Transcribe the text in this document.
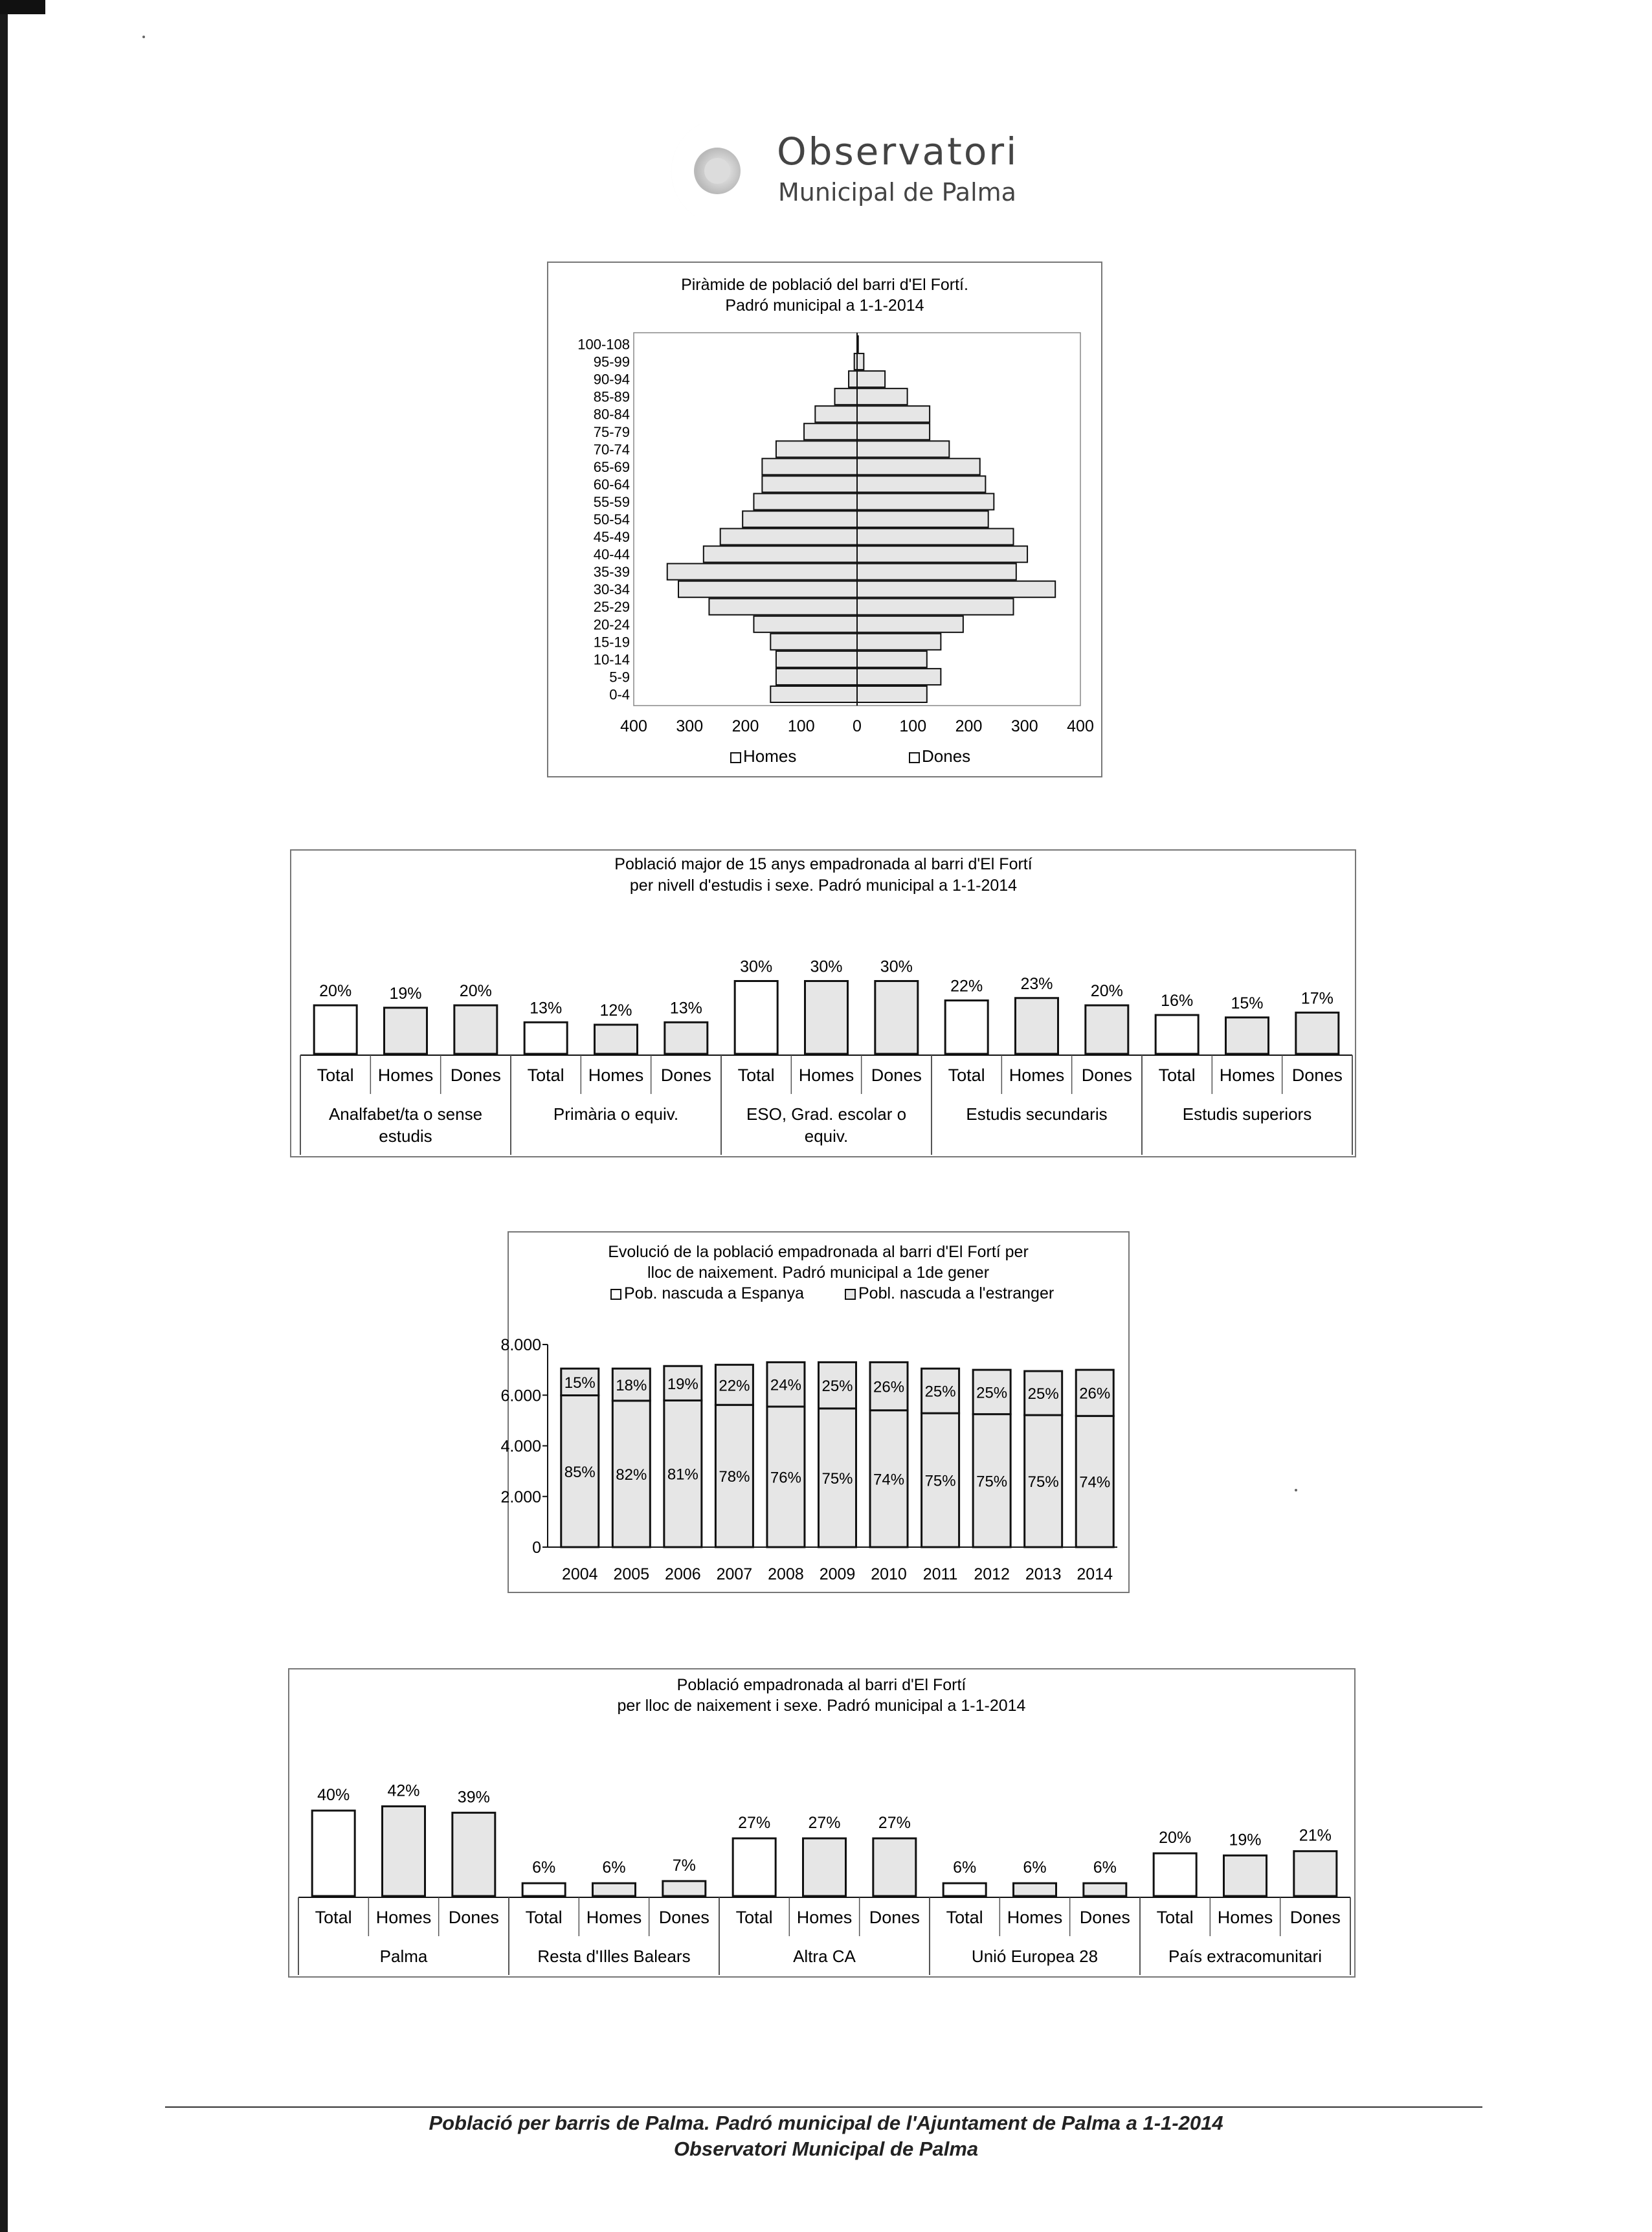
Observatori
Municipal de Palma
Piràmide de població del barri d'El Fortí.
Padró municipal a 1-1-2014
0-4
5-9
10-14
15-19
20-24
25-29
30-34
35-39
40-44
45-49
50-54
55-59
60-64
65-69
70-74
75-79
80-84
85-89
90-94
95-99
100-108
400 300 200 100 0 100 200 300 400
Homes	Dones
Població major de 15 anys empadronada al barri d'El Fortí
per nivell d'estudis i sexe. Padró municipal a 1-1-2014
20%
Total
19%
Homes
20%
Dones
Analfabet/ta o sense
estudis
13%
Total
12%
Homes
13%
Dones
Primària o equiv.
30%
Total
30%
Homes
30%
Dones
ESO, Grad. escolar o
equiv.
22%
Total
23%
Homes
20%
Dones
Estudis secundaris
16%
Total
15%
Homes
17%
Dones
Estudis superiors
Evolució de la població empadronada al barri d'El Fortí per
lloc de naixement. Padró municipal a 1de gener
Pob. nascuda a Espanya	Pobl. nascuda a l'estranger
0
2.000
4.000
6.000
8.000
15%
85%
2004
18%
82%
2005
19%
81%
2006
22%
78%
2007
24%
76%
2008
25%
75%
2009
26%
74%
2010
25%
75%
2011
25%
75%
2012
25%
75%
2013
26%
74%
2014
Població empadronada al barri d'El Fortí
per lloc de naixement i sexe. Padró municipal a 1-1-2014
40%
Total
42%
Homes
39%
Dones
Palma
6%
Total
6%
Homes
7%
Dones
Resta d'Illes Balears
27%
Total
27%
Homes
27%
Dones
Altra CA
6%
Total
6%
Homes
6%
Dones
Unió Europea 28
20%
Total
19%
Homes
21%
Dones
País extracomunitari
Població per barris de Palma. Padró municipal de l'Ajuntament de Palma a 1-1-2014
Observatori Municipal de Palma
